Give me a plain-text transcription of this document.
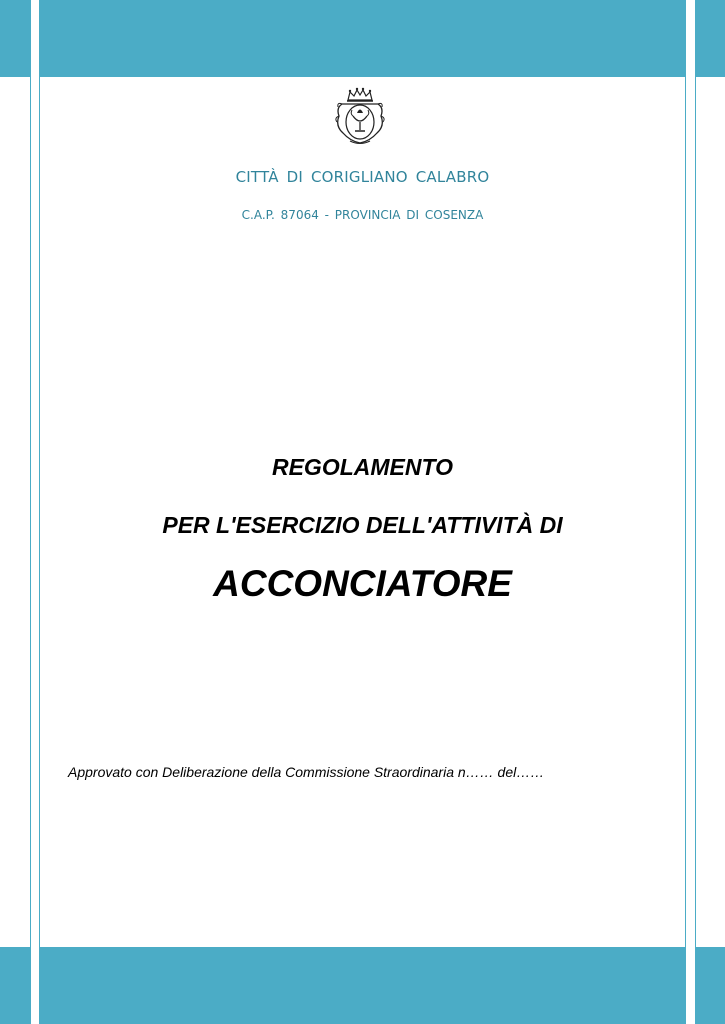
CITTÀ DI CORIGLIANO CALABRO
C.A.P. 87064 - PROVINCIA DI COSENZA
REGOLAMENTO
PER L'ESERCIZIO DELL'ATTIVITÀ DI
ACCONCIATORE
Approvato con Deliberazione della Commissione Straordinaria n…… del……
